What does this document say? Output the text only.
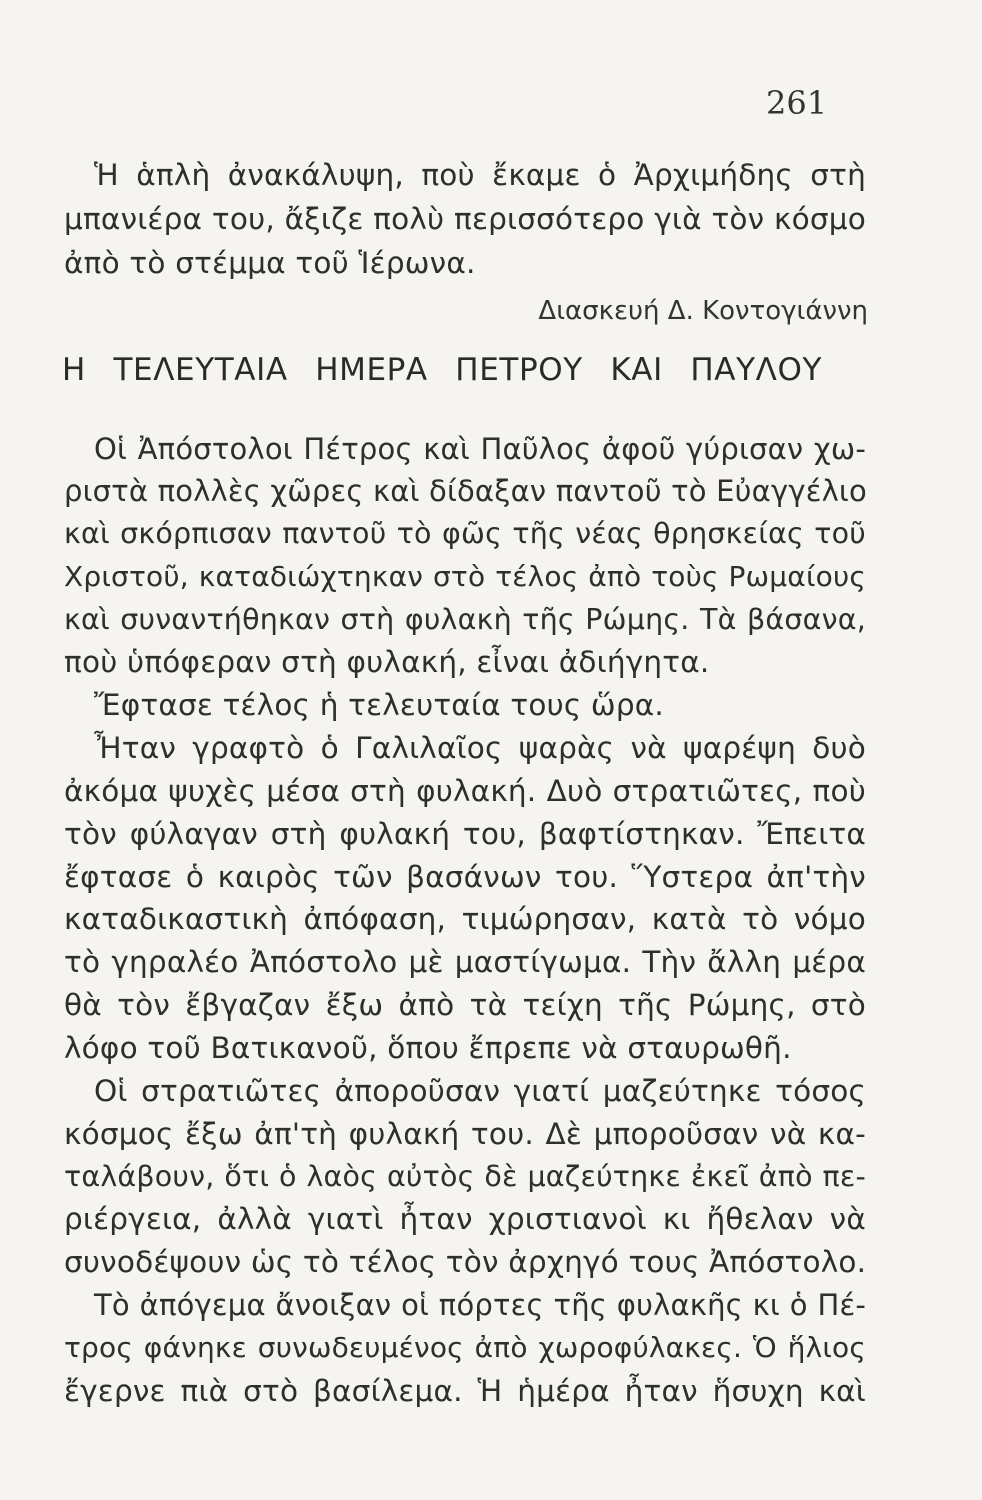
261
Ἡ ἁπλὴ ἀνακάλυψη, ποὺ ἔκαμε ὁ Ἀρχιμήδης στὴ
μπανιέρα του, ἄξιζε πολὺ περισσότερο γιὰ τὸν κόσμο
ἀπὸ τὸ στέμμα τοῦ Ἱέρωνα.
Διασκευή Δ. Κοντογιάννη
Η ΤΕΛΕΥΤΑΙΑ ΗΜΕΡΑ ΠΕΤΡΟΥ ΚΑΙ ΠΑΥΛΟΥ
Οἱ Ἀπόστολοι Πέτρος καὶ Παῦλος ἀφοῦ γύρισαν χω-
ριστὰ πολλὲς χῶρες καὶ δίδαξαν παντοῦ τὸ Εὐαγγέλιο
καὶ σκόρπισαν παντοῦ τὸ φῶς τῆς νέας θρησκείας τοῦ
Χριστοῦ, καταδιώχτηκαν στὸ τέλος ἀπὸ τοὺς Ρωμαίους
καὶ συναντήθηκαν στὴ φυλακὴ τῆς Ρώμης. Τὰ βάσανα,
ποὺ ὑπόφεραν στὴ φυλακή, εἶναι ἀδιήγητα.
Ἔφτασε τέλος ἡ τελευταία τους ὥρα.
Ἦταν γραφτὸ ὁ Γαλιλαῖος ψαρὰς νὰ ψαρέψη δυὸ
ἀκόμα ψυχὲς μέσα στὴ φυλακή. Δυὸ στρατιῶτες, ποὺ
τὸν φύλαγαν στὴ φυλακή του, βαφτίστηκαν. Ἔπειτα
ἔφτασε ὁ καιρὸς τῶν βασάνων του. Ὕστερα ἀπ'τὴν
καταδικαστικὴ ἀπόφαση, τιμώρησαν, κατὰ τὸ νόμο
τὸ γηραλέο Ἀπόστολο μὲ μαστίγωμα. Τὴν ἄλλη μέρα
θὰ τὸν ἔβγαζαν ἔξω ἀπὸ τὰ τείχη τῆς Ρώμης, στὸ
λόφο τοῦ Βατικανοῦ, ὅπου ἔπρεπε νὰ σταυρωθῆ.
Οἱ στρατιῶτες ἀποροῦσαν γιατί μαζεύτηκε τόσος
κόσμος ἔξω ἀπ'τὴ φυλακή του. Δὲ μποροῦσαν νὰ κα-
ταλάβουν, ὅτι ὁ λαὸς αὐτὸς δὲ μαζεύτηκε ἐκεῖ ἀπὸ πε-
ριέργεια, ἀλλὰ γιατὶ ἦταν χριστιανοὶ κι ἤθελαν νὰ
συνοδέψουν ὡς τὸ τέλος τὸν ἀρχηγό τους Ἀπόστολο.
Τὸ ἀπόγεμα ἄνοιξαν οἱ πόρτες τῆς φυλακῆς κι ὁ Πέ-
τρος φάνηκε συνωδευμένος ἀπὸ χωροφύλακες. Ὁ ἥλιος
ἔγερνε πιὰ στὸ βασίλεμα. Ἡ ἡμέρα ἦταν ἥσυχη καὶ
